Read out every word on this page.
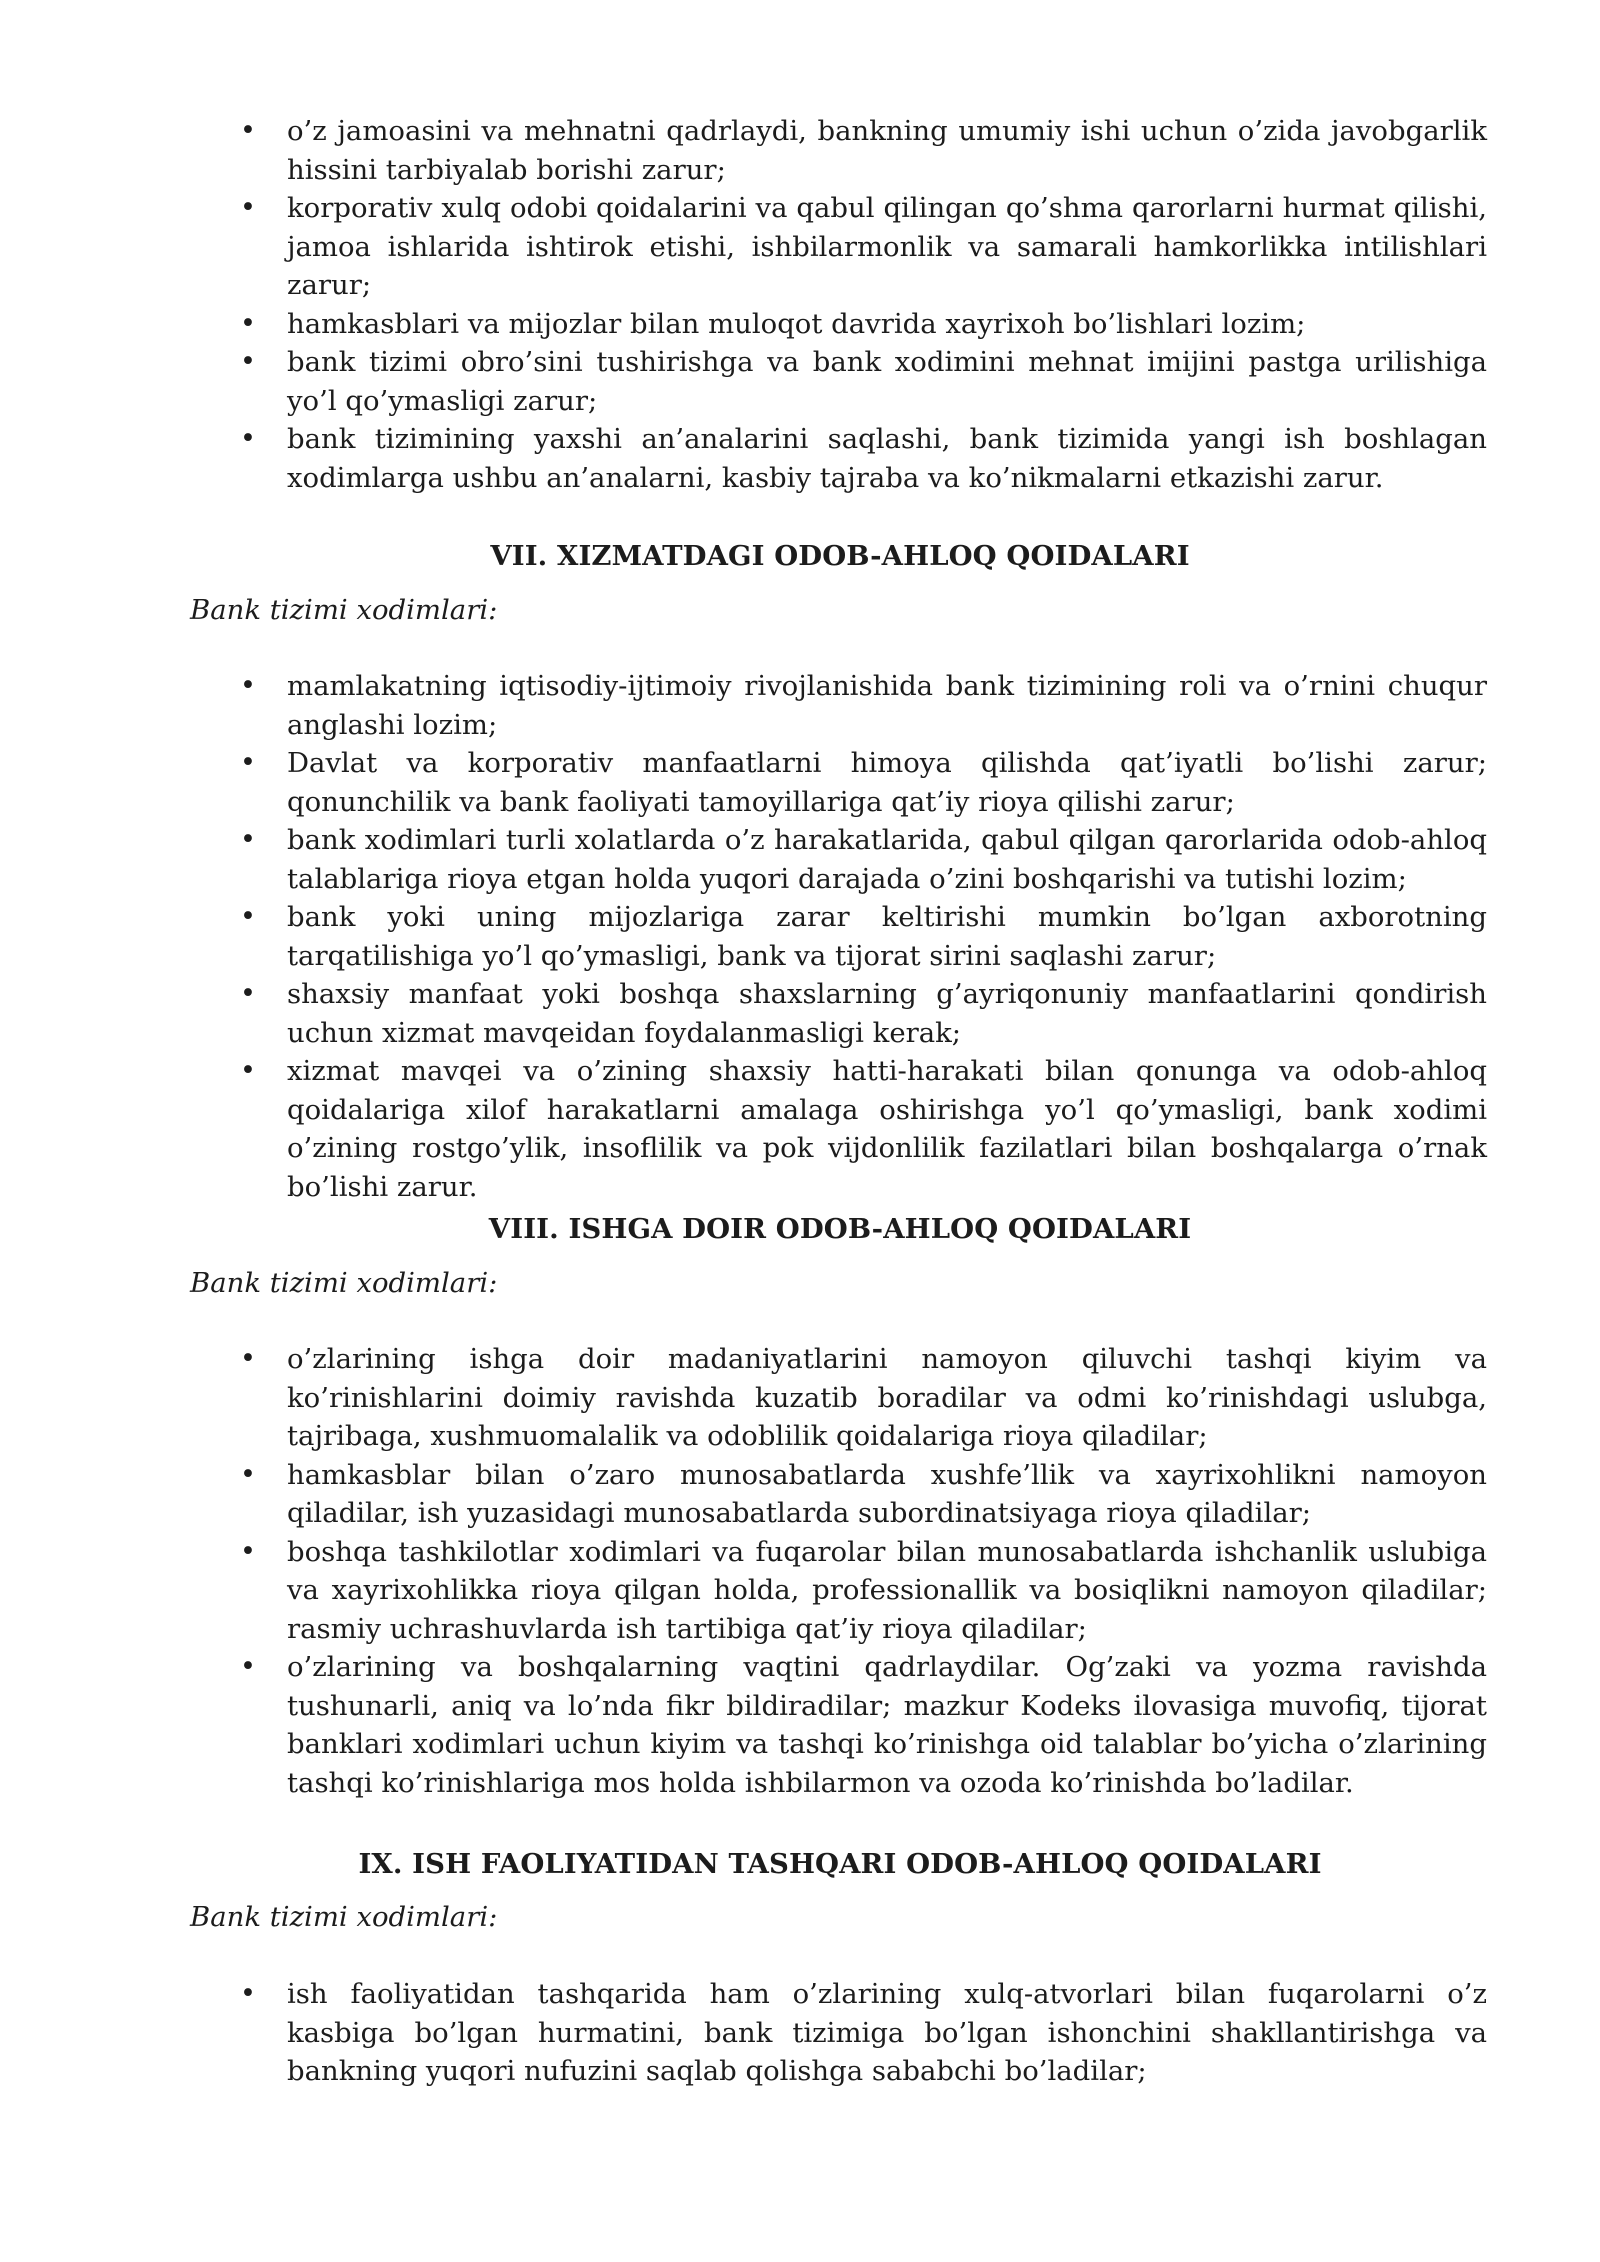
• o’z jamoasini va mehnatni qadrlaydi, bankning umumiy ishi uchun o’zida javobgarlik hissini tarbiyalab borishi zarur;
• korporativ xulq odobi qoidalarini va qabul qilingan qo’shma qarorlarni hurmat qilishi, jamoa ishlarida ishtirok etishi, ishbilarmonlik va samarali hamkorlikka intilishlari zarur;
• hamkasblari va mijozlar bilan muloqot davrida xayrixoh bo’lishlari lozim;
• bank tizimi obro’sini tushirishga va bank xodimini mehnat imijini pastga urilishiga yo’l qo’ymasligi zarur;
• bank tizimining yaxshi an’analarini saqlashi, bank tizimida yangi ish boshlagan xodimlarga ushbu an’analarni, kasbiy tajraba va ko’nikmalarni etkazishi zarur.
VII. XIZMATDAGI ODOB-AHLOQ QOIDALARI
Bank tizimi xodimlari:
• mamlakatning iqtisodiy-ijtimoiy rivojlanishida bank tizimining roli va o’rnini chuqur anglashi lozim;
• Davlat va korporativ manfaatlarni himoya qilishda qat’iyatli bo’lishi zarur; qonunchilik va bank faoliyati tamoyillariga qat’iy rioya qilishi zarur;
• bank xodimlari turli xolatlarda o’z harakatlarida, qabul qilgan qarorlarida odob-ahloq talablariga rioya etgan holda yuqori darajada o’zini boshqarishi va tutishi lozim;
• bank yoki uning mijozlariga zarar keltirishi mumkin bo’lgan axborotning tarqatilishiga yo’l qo’ymasligi, bank va tijorat sirini saqlashi zarur;
• shaxsiy manfaat yoki boshqa shaxslarning g’ayriqonuniy manfaatlarini qondirish uchun xizmat mavqeidan foydalanmasligi kerak;
• xizmat mavqei va o’zining shaxsiy hatti-harakati bilan qonunga va odob-ahloq qoidalariga xilof harakatlarni amalaga oshirishga yo’l qo’ymasligi, bank xodimi o’zining rostgo’ylik, insoflilik va pok vijdonlilik fazilatlari bilan boshqalarga o’rnak bo’lishi zarur.
VIII. ISHGA DOIR ODOB-AHLOQ QOIDALARI
Bank tizimi xodimlari:
• o’zlarining ishga doir madaniyatlarini namoyon qiluvchi tashqi kiyim va ko’rinishlarini doimiy ravishda kuzatib boradilar va odmi ko’rinishdagi uslubga, tajribaga, xushmuomalalik va odoblilik qoidalariga rioya qiladilar;
• hamkasblar bilan o’zaro munosabatlarda xushfe’llik va xayrixohlikni namoyon qiladilar, ish yuzasidagi munosabatlarda subordinatsiyaga rioya qiladilar;
• boshqa tashkilotlar xodimlari va fuqarolar bilan munosabatlarda ishchanlik uslubiga va xayrixohlikka rioya qilgan holda, professionallik va bosiqlikni namoyon qiladilar; rasmiy uchrashuvlarda ish tartibiga qat’iy rioya qiladilar;
• o’zlarining va boshqalarning vaqtini qadrlaydilar. Og’zaki va yozma ravishda tushunarli, aniq va lo’nda fikr bildiradilar; mazkur Kodeks ilovasiga muvofiq, tijorat banklari xodimlari uchun kiyim va tashqi ko’rinishga oid talablar bo’yicha o’zlarining tashqi ko’rinishlariga mos holda ishbilarmon va ozoda ko’rinishda bo’ladilar.
IX. ISH FAOLIYATIDAN TASHQARI ODOB-AHLOQ QOIDALARI
Bank tizimi xodimlari:
• ish faoliyatidan tashqarida ham o’zlarining xulq-atvorlari bilan fuqarolarni o’z kasbiga bo’lgan hurmatini, bank tizimiga bo’lgan ishonchini shakllantirishga va bankning yuqori nufuzini saqlab qolishga sababchi bo’ladilar;
